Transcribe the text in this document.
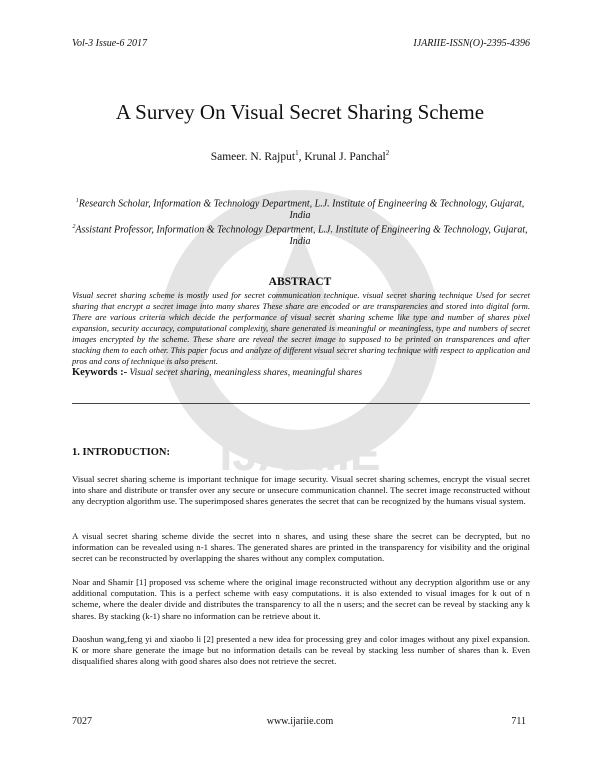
IJARIIE
Vol-3 Issue-6 2017	IJARIIE-ISSN(O)-2395-4396
A Survey On Visual Secret Sharing Scheme
Sameer. N. Rajput$^1$, Krunal J. Panchal$^2$
$^1$Research Scholar, Information & Technology Department, L.J. Institute of Engineering & Technology, Gujarat, India
$^2$Assistant Professor, Information & Technology Department, L.J. Institute of Engineering & Technology, Gujarat, India
ABSTRACT

Visual secret sharing scheme is mostly used for secret communication technique. visual secret sharing technique Used for secret sharing that encrypt a secret image into many shares These share are encoded or are transparencies and stored into digital form. There are various criteria which decide the performance of visual secret sharing scheme like type and number of shares pixel expansion, security accuracy, computational complexity, share generated is meaningful or meaningless, type and numbers of secret images encrypted by the scheme. These share are reveal the secret image to supposed to be printed on transparences and after stacking them to each other. This paper focus and analyze of different visual secret sharing technique with respect to application and pros and cons of technique is also present.

Keywords :- Visual secret sharing, meaningless shares, meaningful shares
1. INTRODUCTION:

Visual secret sharing scheme is important technique for image security. Visual secret sharing schemes, encrypt the visual secret into share and distribute or transfer over any secure or unsecure communication channel. The secret image reconstructed without any decryption algorithm use. The superimposed shares generates the secret that can be recognized by the humans visual system.

A visual secret sharing scheme divide the secret into n shares, and using these share the secret can be decrypted, but no information can be revealed using n-1 shares. The generated shares are printed in the transparency for visibility and the original secret can be reconstructed by overlapping the shares without any complex computation.

Noar and Shamir [1] proposed vss scheme where the original image reconstructed without any decryption algorithm use or any additional computation. This is a perfect scheme with easy computations. it is also extended to visual images for k out of n scheme, where the dealer divide and distributes the transparency to all the n users; and the secret can be reveal by stacking any k shares. By stacking (k-1) share no information can be retrieve about it.

Daoshun wang,feng yi and xiaobo li [2] presented a new idea for processing grey and color images without any pixel expansion. K or more share generate the image but no information details can be reveal by stacking less number of shares than k. Even disqualified shares along with good shares also does not retrieve the secret.

7027	www.ijariie.com	711
